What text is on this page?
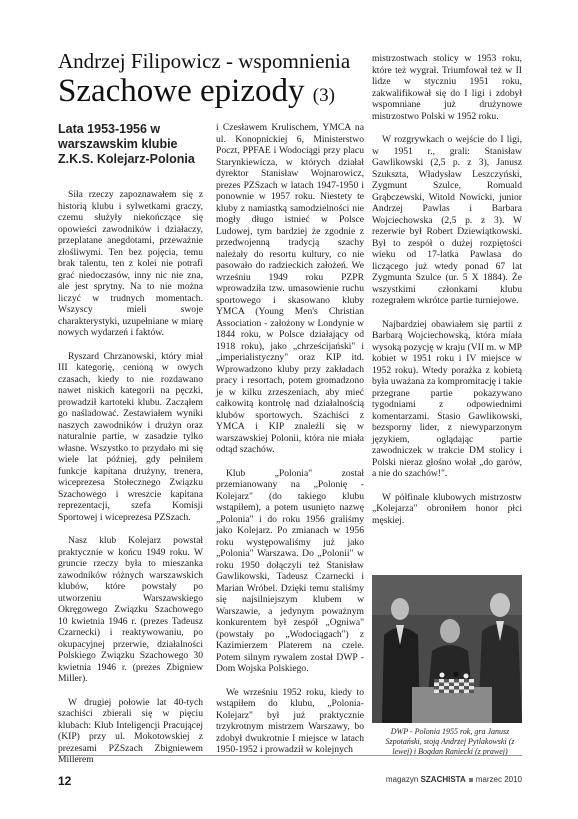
Andrzej Filipowicz - wspomnienia
Szachowe epizody (3)
Lata 1953-1956 w warszawskim klubie Z.K.S. Kolejarz-Polonia

Siła rzeczy zapoznawałem się z historią klubu i sylwetkami graczy, czemu służyły niekończące się opowieści zawodników i działaczy, przeplatane anegdotami, przeważnie złośliwymi. Ten bez pojęcia, temu brak talentu, ten z kolei nie potrafi grać niedoczasów, inny nic nie zna, ale jest sprytny. Na to nie można liczyć w trudnych momentach. Wszyscy mieli swoje charakterystyki, uzupełniane w miarę nowych wydarzeń i faktów.

Ryszard Chrzanowski, który miał III kategorię, cenioną w owych czasach, kiedy to nie rozdawano nawet niskich kategorii na pęczki, prowadził kartoteki klubu. Zacząłem go naśladować. Zestawiałem wyniki naszych zawodników i drużyn oraz naturalnie partie, w zasadzie tylko własne. Wszystko to przydało mi się wiele lat później, gdy pełniłem funkcje kapitana drużyny, trenera, wiceprezesa Stołecznego Związku Szachowego i wreszcie kapitana reprezentacji, szefa Komisji Sportowej i wiceprezesa PZSzach.

Nasz klub Kolejarz powstał praktycznie w końcu 1949 roku. W gruncie rzeczy była to mieszanka zawodników różnych warszawskich klubów, które powstały po utworzeniu Warszawskiego Okręgowego Związku Szachowego 10 kwietnia 1946 r. (prezes Tadeusz Czarnecki) i reaktywowaniu, po okupacyjnej przerwie, działalności Polskiego Związku Szachowego 30 kwietnia 1946 r. (prezes Zbigniew Miller).

W drugiej połowie lat 40-tych szachiści zbierali się w pięciu klubach: Klub Inteligencji Pracującej (KIP) przy ul. Mokotowskiej z prezesami PZSzach Zbigniewem Millerem

i Czesławem Krulischem, YMCA na ul. Konopnickiej 6, Ministerstwo Poczt, PPFAE i Wodociągi przy placu Starynkiewicza, w których działał dyrektor Stanisław Wojnarowicz, prezes PZSzach w latach 1947-1950 i ponownie w 1957 roku. Niestety te kluby z namiastką samodzielności nie mogły długo istnieć w Polsce Ludowej, tym bardziej że zgodnie z przedwojenną tradycją szachy należały do resortu kultury, co nie pasowało do radzieckich założeń. We wrześniu 1949 roku PZPR wprowadziła tzw. umasowienie ruchu sportowego i skasowano kluby YMCA (Young Men's Christian Association - założony w Londynie w 1844 roku, w Polsce działający od 1918 roku), jako „chrześcijański" i „imperialistyczny" oraz KIP itd. Wprowadzono kluby przy zakładach pracy i resortach, potem gromadzono je w kilku zrzeszeniach, aby mieć całkowitą kontrolę nad działalnością klubów sportowych. Szachiści z YMCA i KIP znaleźli się w warszawskiej Polonii, która nie miała odtąd szachów.

Klub „Polonia" został przemianowany na „Polonię - Kolejarz" (do takiego klubu wstąpiłem), a potem usunięto nazwę „Polonia" i do roku 1956 graliśmy jako Kolejarz. Po zmianach w 1956 roku występowaliśmy już jako „Polonia" Warszawa. Do „Polonii" w roku 1950 dołączyli też Stanisław Gawlikowski, Tadeusz Czarnecki i Marian Wróbel. Dzięki temu staliśmy się najsilniejszym klubem w Warszawie, a jedynym poważnym konkurentem był zespół „Ogniwa" (powstały po „Wodociągach") z Kazimierzem Platerem na czele. Potem silnym rywalem został DWP - Dom Wojska Polskiego.

We wrześniu 1952 roku, kiedy to wstąpiłem do klubu, „Polonia-Kolejarz" był już praktycznie trzykrotnym mistrzem Warszawy, bo zdobył dwukrotnie I miejsce w latach 1950-1952 i prowadził w kolejnych

mistrzostwach stolicy w 1953 roku, które też wygrał. Triumfował też w II lidze w styczniu 1951 roku, zakwalifikował się do I ligi i zdobył wspomniane już drużynowe mistrzostwo Polski w 1952 roku.

W rozgrywkach o wejście do I ligi, w 1951 r., grali: Stanisław Gawlikowski (2,5 p. z 3), Janusz Szukszta, Władysław Leszczyński, Zygmunt Szulce, Romuald Grąbczewski, Witold Nowicki, junior Andrzej Pawlas i Barbara Wojciechowska (2,5 p. z 3). W rezerwie był Robert Dziewiątkowski. Był to zespół o dużej rozpiętości wieku od 17-latka Pawlasa do liczącego już wtedy ponad 67 lat Zygmunta Szulce (ur. 5 X 1884). Że wszystkimi członkami klubu rozegrałem wkrótce partie turniejowe.

Najbardziej obawiałem się partii z Barbarą Wojciechowską, która miała wysoką pozycję w kraju (VII m. w MP kobiet w 1951 roku i IV miejsce w 1952 roku). Wtedy porażka z kobietą była uważana za kompromitację i takie przegrane partie pokazywano tygodniami z odpowiednimi komentarzami. Stasio Gawlikowski, bezsporny lider, z niewyparzonym językiem, oglądając partie zawodniczek w trakcie DM stolicy i Polski nieraz głośno wołał „do garów, a nie do szachów!".

W półfinale klubowych mistrzostw „Kolejarza" obroniłem honor płci męskiej.

DWP - Polonia 1955 rok, gra Janusz Szpotański, stoją Andrzej Pytlakowski (z lewej) i Bogdan Raniecki (z prawej)
12	magazyn SZACHISTA marzec 2010
